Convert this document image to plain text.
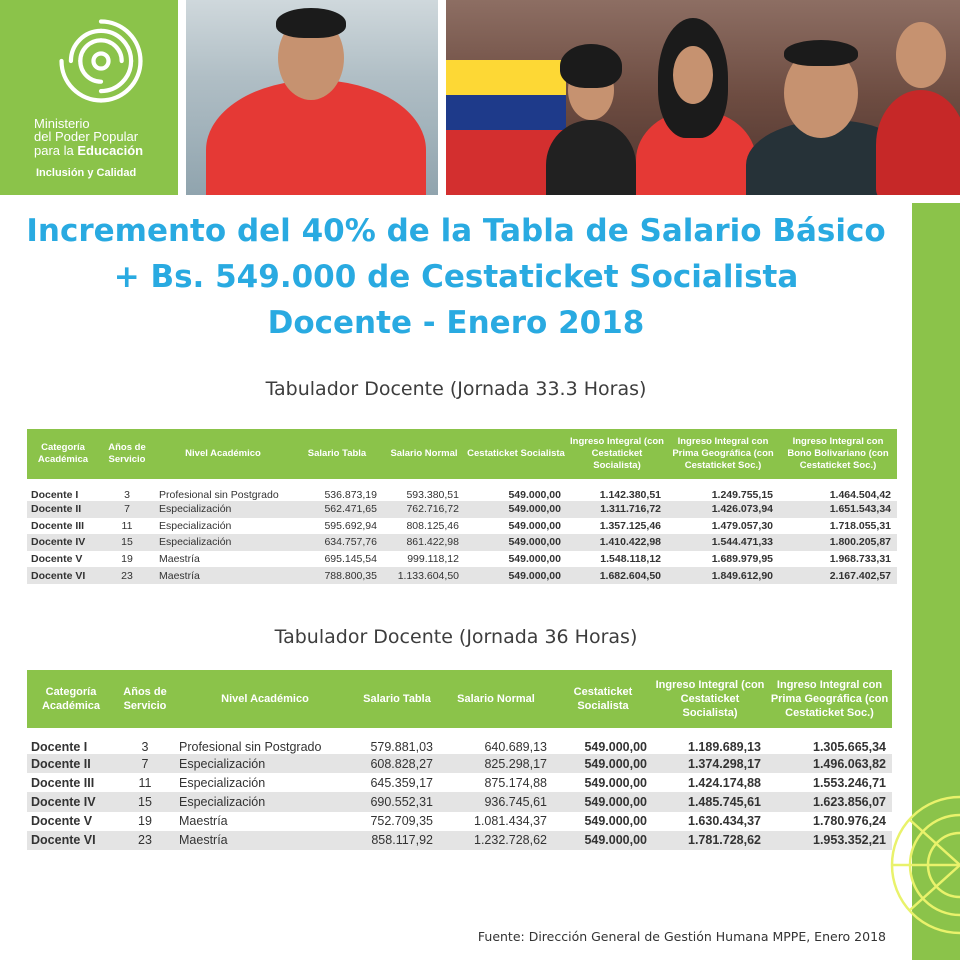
Ministerio
del Poder Popular
para la Educación
Inclusión y Calidad
Incremento del 40% de la Tabla de Salario Básico
+ Bs. 549.000 de Cestaticket Socialista
Docente - Enero 2018
Tabulador Docente (Jornada 33.3 Horas)
Categoría Académica	Años de Servicio	Nivel Académico	Salario Tabla	Salario Normal	Cestaticket Socialista	Ingreso Integral (con Cestaticket Socialista)	Ingreso Integral con Prima Geográfica (con Cestaticket Soc.)	Ingreso Integral con Bono Bolivariano (con Cestaticket Soc.)
Docente I	3	Profesional sin Postgrado	536.873,19	593.380,51	549.000,00	1.142.380,51	1.249.755,15	1.464.504,42
Docente II	7	Especialización	562.471,65	762.716,72	549.000,00	1.311.716,72	1.426.073,94	1.651.543,34
Docente III	11	Especialización	595.692,94	808.125,46	549.000,00	1.357.125,46	1.479.057,30	1.718.055,31
Docente IV	15	Especialización	634.757,76	861.422,98	549.000,00	1.410.422,98	1.544.471,33	1.800.205,87
Docente V	19	Maestría	695.145,54	999.118,12	549.000,00	1.548.118,12	1.689.979,95	1.968.733,31
Docente VI	23	Maestría	788.800,35	1.133.604,50	549.000,00	1.682.604,50	1.849.612,90	2.167.402,57
Tabulador Docente (Jornada 36 Horas)
Categoría Académica	Años de Servicio	Nivel Académico	Salario Tabla	Salario Normal	Cestaticket Socialista	Ingreso Integral (con Cestaticket Socialista)	Ingreso Integral con Prima Geográfica (con Cestaticket Soc.)
Docente I	3	Profesional sin Postgrado	579.881,03	640.689,13	549.000,00	1.189.689,13	1.305.665,34
Docente II	7	Especialización	608.828,27	825.298,17	549.000,00	1.374.298,17	1.496.063,82
Docente III	11	Especialización	645.359,17	875.174,88	549.000,00	1.424.174,88	1.553.246,71
Docente IV	15	Especialización	690.552,31	936.745,61	549.000,00	1.485.745,61	1.623.856,07
Docente V	19	Maestría	752.709,35	1.081.434,37	549.000,00	1.630.434,37	1.780.976,24
Docente VI	23	Maestría	858.117,92	1.232.728,62	549.000,00	1.781.728,62	1.953.352,21
Fuente: Dirección General de Gestión Humana MPPE, Enero 2018
